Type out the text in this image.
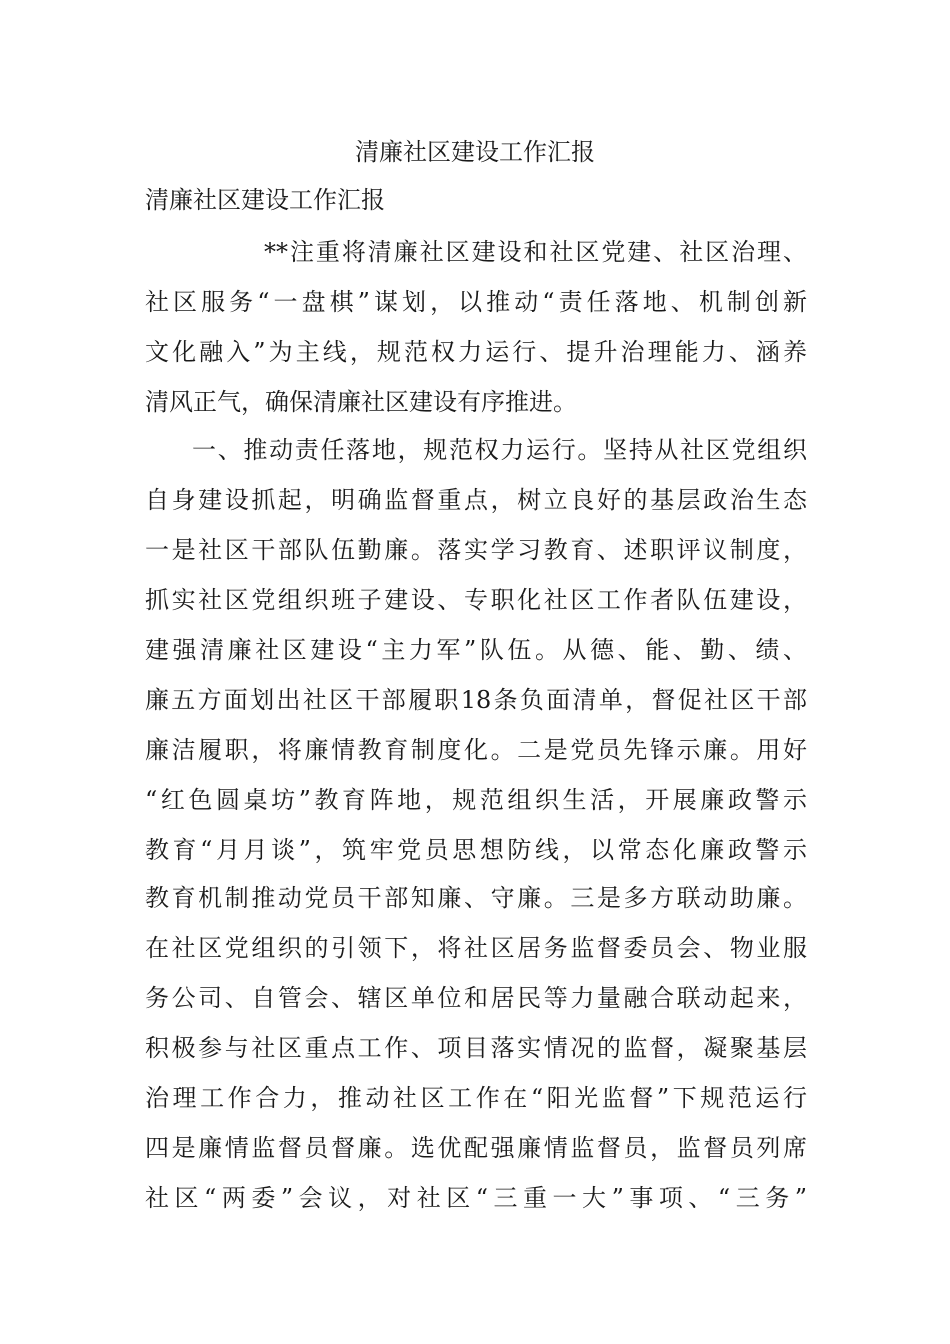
清廉社区建设工作汇报
清廉社区建设工作汇报
**注重将清廉社区建设和社区党建、社区治理、
社区服务“一盘棋”谋划，以推动“责任落地、机制创新
文化融入”为主线，规范权力运行、提升治理能力、涵养
清风正气，确保清廉社区建设有序推进。
一、推动责任落地，规范权力运行。坚持从社区党组织
自身建设抓起，明确监督重点，树立良好的基层政治生态
一是社区干部队伍勤廉。落实学习教育、述职评议制度，
抓实社区党组织班子建设、专职化社区工作者队伍建设，
建强清廉社区建设“主力军”队伍。从德、能、勤、绩、
廉五方面划出社区干部履职18条负面清单，督促社区干部
廉洁履职，将廉情教育制度化。二是党员先锋示廉。用好
“红色圆桌坊”教育阵地，规范组织生活，开展廉政警示
教育“月月谈”，筑牢党员思想防线，以常态化廉政警示
教育机制推动党员干部知廉、守廉。三是多方联动助廉。
在社区党组织的引领下，将社区居务监督委员会、物业服
务公司、自管会、辖区单位和居民等力量融合联动起来，
积极参与社区重点工作、项目落实情况的监督，凝聚基层
治理工作合力，推动社区工作在“阳光监督”下规范运行
四是廉情监督员督廉。选优配强廉情监督员，监督员列席
社区“两委”会议，对社区“三重一大”事项、“三务”
